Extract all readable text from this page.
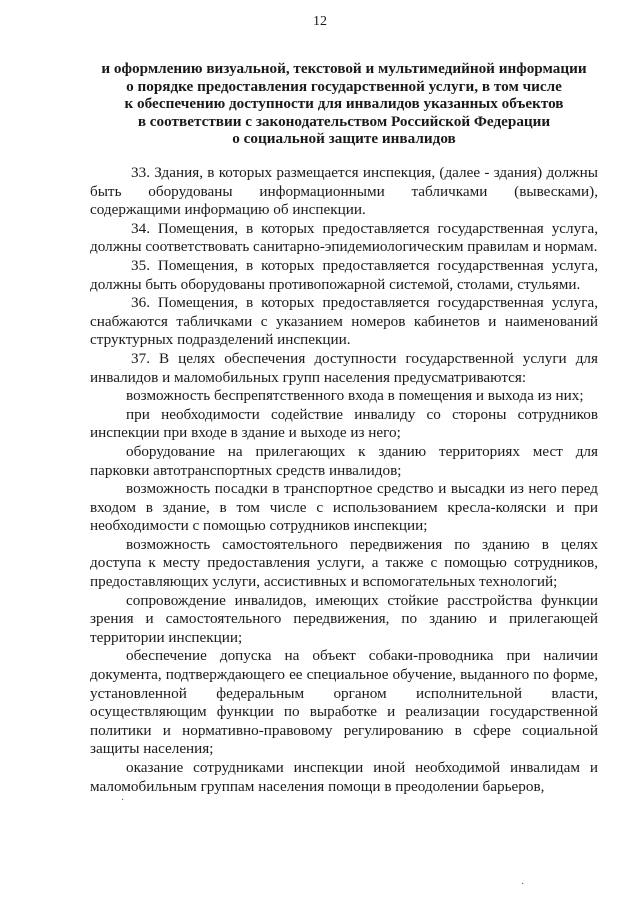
12
и оформлению визуальной, текстовой и мультимедийной информации
о порядке предоставления государственной услуги, в том числе
к обеспечению доступности для инвалидов указанных объектов
в соответствии с законодательством Российской Федерации
о социальной защите инвалидов

33. Здания, в которых размещается инспекция, (далее - здания) должны быть оборудованы информационными табличками (вывесками), содержащими информацию об инспекции.

34. Помещения, в которых предоставляется государственная услуга, должны соответствовать санитарно-эпидемиологическим правилам и нормам.

35. Помещения, в которых предоставляется государственная услуга, должны быть оборудованы противопожарной системой, столами, стульями.

36. Помещения, в которых предоставляется государственная услуга, снабжаются табличками с указанием номеров кабинетов и наименований структурных подразделений инспекции.

37. В целях обеспечения доступности государственной услуги для инвалидов и маломобильных групп населения предусматриваются:

возможность беспрепятственного входа в помещения и выхода из них;

при необходимости содействие инвалиду со стороны сотрудников инспекции при входе в здание и выходе из него;

оборудование на прилегающих к зданию территориях мест для парковки автотранспортных средств инвалидов;

возможность посадки в транспортное средство и высадки из него перед входом в здание, в том числе с использованием кресла-коляски и при необходимости с помощью сотрудников инспекции;

возможность самостоятельного передвижения по зданию в целях доступа к месту предоставления услуги, а также с помощью сотрудников, предоставляющих услуги, ассистивных и вспомогательных технологий;

сопровождение инвалидов, имеющих стойкие расстройства функции зрения и самостоятельного передвижения, по зданию и прилегающей территории инспекции;

обеспечение допуска на объект собаки-проводника при наличии документа, подтверждающего ее специальное обучение, выданного по форме, установленной федеральным органом исполнительной власти, осуществляющим функции по выработке и реализации государственной политики и нормативно-правовому регулированию в сфере социальной защиты населения;

оказание сотрудниками инспекции иной необходимой инвалидам и маломобильным группам населения помощи в преодолении барьеров,

·
·
